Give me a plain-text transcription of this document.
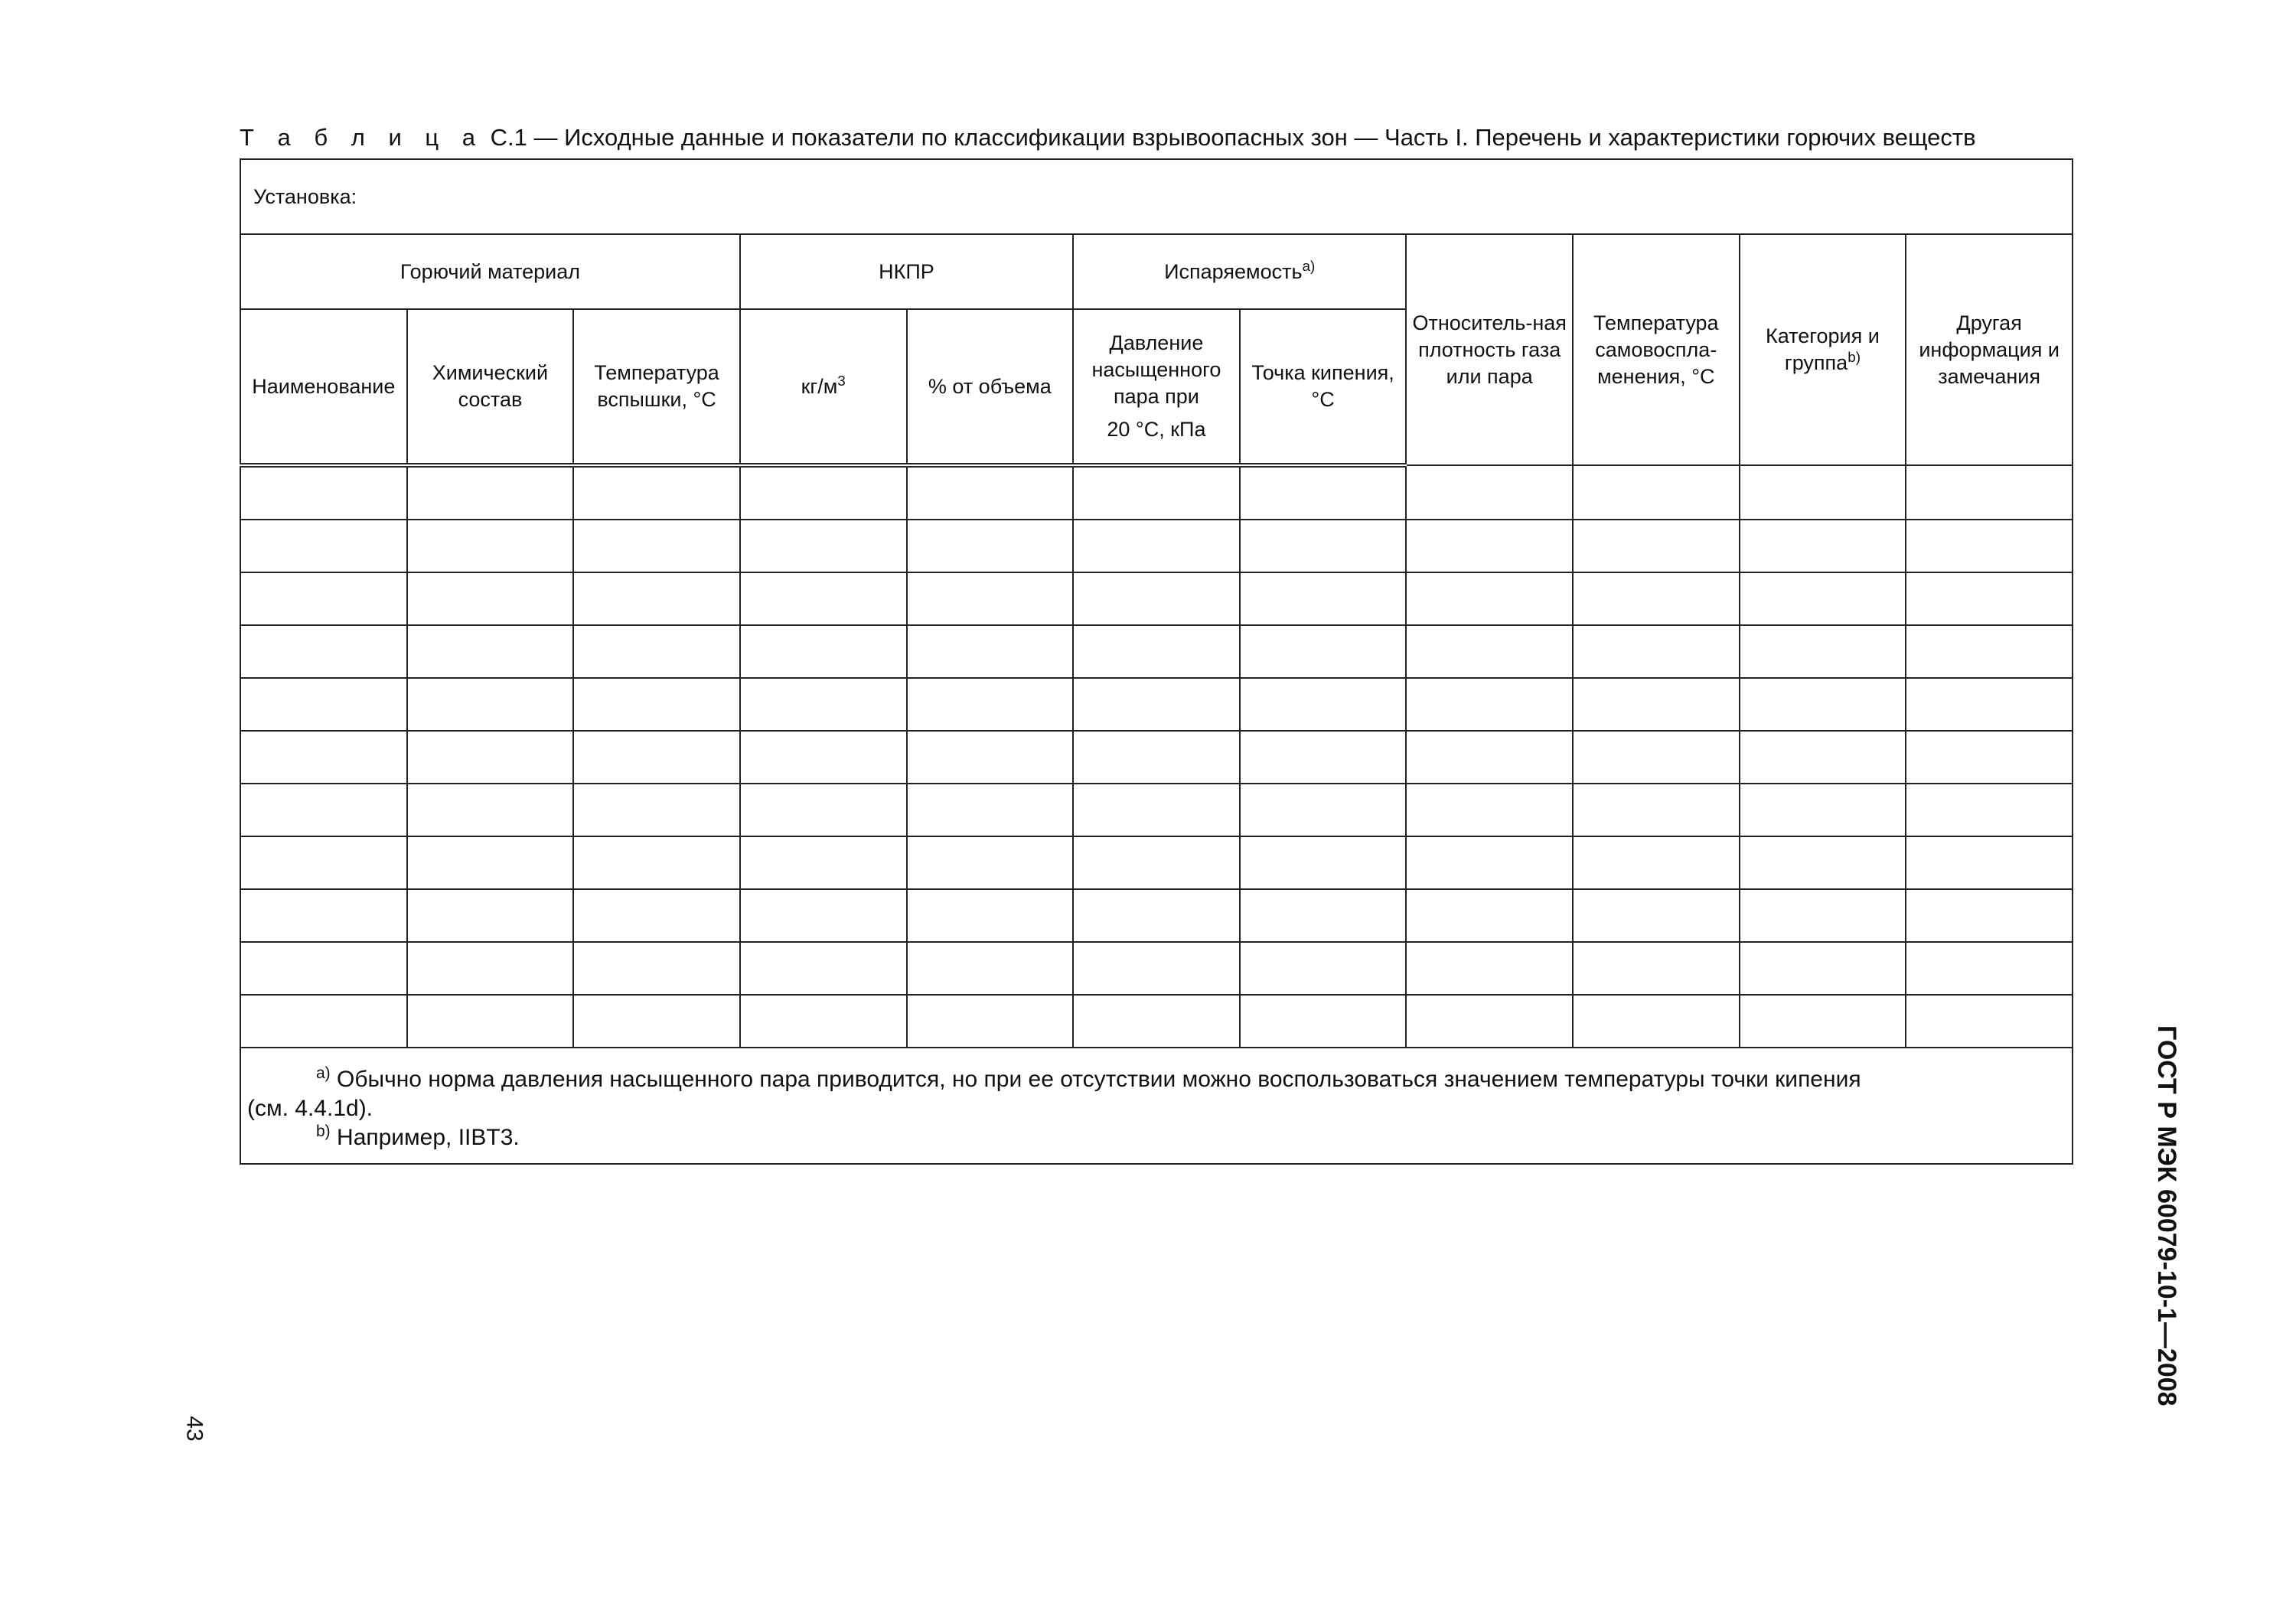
Т а б л и ц а С.1 — Исходные данные и показатели по классификации взрывоопасных зон — Часть I. Перечень и характеристики горючих веществ
Установка:										
Горючий материал			НКПР		Испаряемость$^{a)}$		Относитель-ная плотность газа или пара	Температура самовоспла-менения, °С	Категория и группа$^{b)}$	Другая информация и замечания
Наименование	Химический состав	Температура вспышки, °С	$кг/м^3$	% от объема	Давление насыщенного пара при
20 °С, кПа	Точка кипения, °С				

$^{a)}$ Обычно норма давления насыщенного пара приводится, но при ее отсутствии можно воспользоваться значением температуры точки кипения
(см. 4.4.1d).
$^{b)}$ Например, IIBT3.										
43
ГОСТ Р МЭК 60079-10-1—2008
